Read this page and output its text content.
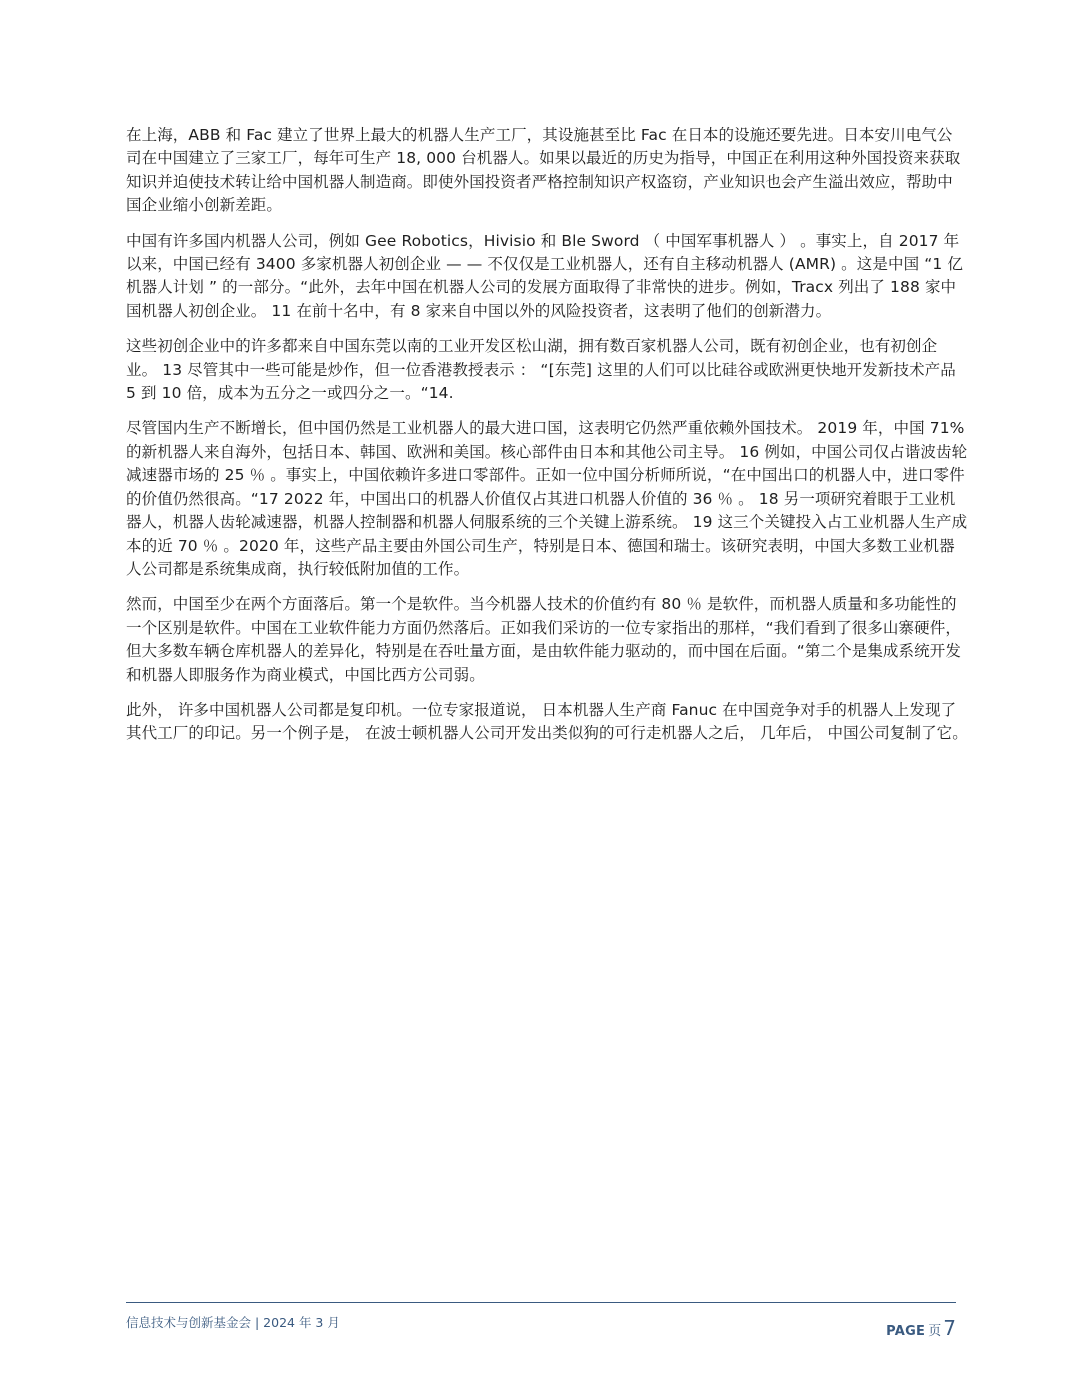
在上海，ABB 和 Fac 建立了世界上最大的机器人生产工厂，其设施甚至比 Fac 在日本的设施还要先进。日本安川电气公司在中国建立了三家工厂，每年可生产 18, 000 台机器人。如果以最近的历史为指导，中国正在利用这种外国投资来获取知识并迫使技术转让给中国机器人制造商。即使外国投资者严格控制知识产权盗窃，产业知识也会产生溢出效应，帮助中国企业缩小创新差距。

中国有许多国内机器人公司，例如 Gee Robotics，Hivisio 和 Ble Sword （ 中国军事机器人 ） 。事实上，自 2017 年以来，中国已经有 3400 多家机器人初创企业 — — 不仅仅是工业机器人，还有自主移动机器人 (AMR) 。这是中国 “1 亿机器人计划 ” 的一部分。“此外，去年中国在机器人公司的发展方面取得了非常快的进步。例如，Tracx 列出了 188 家中国机器人初创企业。 11 在前十名中，有 8 家来自中国以外的风险投资者，这表明了他们的创新潜力。

这些初创企业中的许多都来自中国东莞以南的工业开发区松山湖，拥有数百家机器人公司，既有初创企业，也有初创企业。 13 尽管其中一些可能是炒作，但一位香港教授表示 ： “[东莞] 这里的人们可以比硅谷或欧洲更快地开发新技术产品 5 到 10 倍，成本为五分之一或四分之一。“14.

尽管国内生产不断增长，但中国仍然是工业机器人的最大进口国，这表明它仍然严重依赖外国技术。 2019 年，中国 71% 的新机器人来自海外，包括日本、韩国、欧洲和美国。核心部件由日本和其他公司主导。 16 例如，中国公司仅占谐波齿轮减速器市场的 25 ％ 。事实上，中国依赖许多进口零部件。正如一位中国分析师所说，“在中国出口的机器人中，进口零件的价值仍然很高。“17 2022 年，中国出口的机器人价值仅占其进口机器人价值的 36 ％ 。 18 另一项研究着眼于工业机器人，机器人齿轮减速器，机器人控制器和机器人伺服系统的三个关键上游系统。 19 这三个关键投入占工业机器人生产成本的近 70 ％ 。2020 年，这些产品主要由外国公司生产，特别是日本、德国和瑞士。该研究表明，中国大多数工业机器人公司都是系统集成商，执行较低附加值的工作。

然而，中国至少在两个方面落后。第一个是软件。当今机器人技术的价值约有 80 ％ 是软件，而机器人质量和多功能性的一个区别是软件。中国在工业软件能力方面仍然落后。正如我们采访的一位专家指出的那样，“我们看到了很多山寨硬件，但大多数车辆仓库机器人的差异化，特别是在吞吐量方面，是由软件能力驱动的，而中国在后面。“第二个是集成系统开发和机器人即服务作为商业模式，中国比西方公司弱。

此外， 许多中国机器人公司都是复印机。一位专家报道说， 日本机器人生产商 Fanuc 在中国竞争对手的机器人上发现了其代工厂的印记。另一个例子是， 在波士顿机器人公司开发出类似狗的可行走机器人之后， 几年后， 中国公司复制了它。

信息技术与创新基金会 | 2024 年 3 月
PAGE 页 7
